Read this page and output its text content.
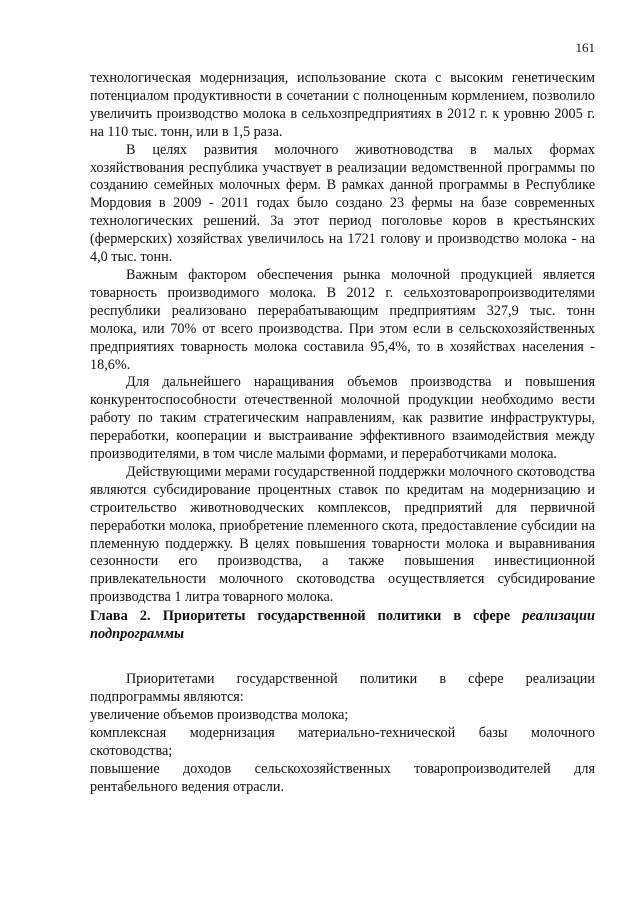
161

технологическая модернизация, использование скота с высоким генетическим потенциалом продуктивности в сочетании с полноценным кормлением, позволило увеличить производство молока в сельхозпредприятиях в 2012 г. к уровню 2005 г. на 110 тыс. тонн, или в 1,5 раза.

В целях развития молочного животноводства в малых формах хозяйствования республика участвует в реализации ведомственной программы по созданию семейных молочных ферм. В рамках данной программы в Республике Мордовия в 2009 - 2011 годах было создано 23 фермы на базе современных технологических решений. За этот период поголовье коров в крестьянских (фермерских) хозяйствах увеличилось на 1721 голову и производство молока - на 4,0 тыс. тонн.

Важным фактором обеспечения рынка молочной продукцией является товарность производимого молока. В 2012 г. сельхозтоваропроизводителями республики реализовано перерабатывающим предприятиям 327,9 тыс. тонн молока, или 70% от всего производства. При этом если в сельскохозяйственных предприятиях товарность молока составила 95,4%, то в хозяйствах населения - 18,6%.

Для дальнейшего наращивания объемов производства и повышения конкурентоспособности отечественной молочной продукции необходимо вести работу по таким стратегическим направлениям, как развитие инфраструктуры, переработки, кооперации и выстраивание эффективного взаимодействия между производителями, в том числе малыми формами, и переработчиками молока.

Действующими мерами государственной поддержки молочного скотоводства являются субсидирование процентных ставок по кредитам на модернизацию и строительство животноводческих комплексов, предприятий для первичной переработки молока, приобретение племенного скота, предоставление субсидии на племенную поддержку. В целях повышения товарности молока и выравнивания сезонности его производства, а также повышения инвестиционной привлекательности молочного скотоводства осуществляется субсидирование производства 1 литра товарного молока.

Глава 2. Приоритеты государственной политики в сфере реализации подпрограммы

Приоритетами государственной политики в сфере реализации подпрограммы являются:

увеличение объемов производства молока;

комплексная модернизация материально-технической базы молочного скотоводства;

повышение доходов сельскохозяйственных товаропроизводителей для рентабельного ведения отрасли.
